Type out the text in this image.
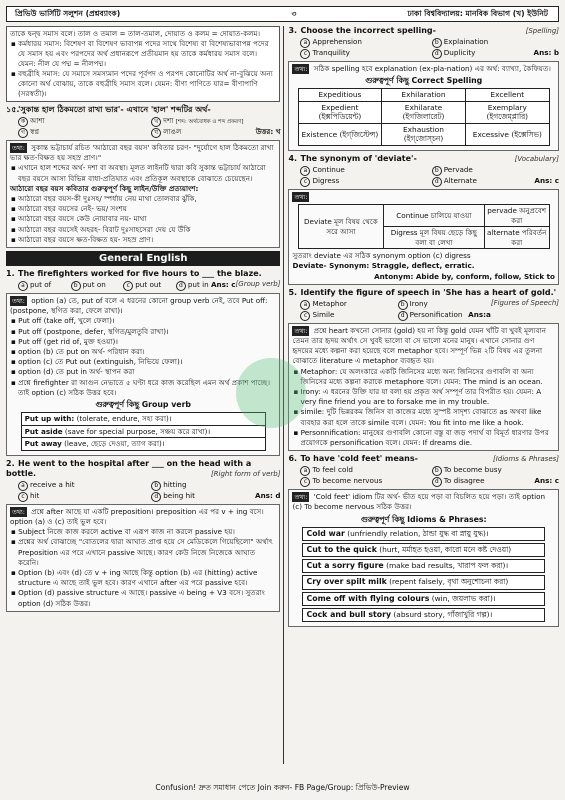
প্রিভিউ ভার্সিটি সলুশন (প্রশ্নব্যাংক)	৩	ঢাকা বিশ্ববিদ্যালয়: মানবিক বিভাগ (খ) ইউনিট
তাকে দ্বন্দ্ব সমাস বলে। তাল ও তমাল = তাল-তমাল, দোয়াত ও কলম = দোয়াত-কলম।
▪ কর্মধারয় সমাস: বিশেষণ বা বিশেষণ ভাবাপন্ন পদের সাথে বিশেষ্য বা বিশেষ্যভাবাপন্ন পদের যে সমাস হয় এবং পরপদের অর্থ প্রধানরূপে প্রতীয়মান হয় তাকে কর্মধারয় সমাস বলে। যেমন: নীল যে পদ্ম = নীলপদ্ম।
▪ বহুব্রীহি সমাস: যে সমাসে সমস্যমান পদের পূর্বপদ ও পরপদ কোনোটির অর্থ না-বুঝিয়ে অন্য কোনো অর্থ বোঝায়, তাকে বহুব্রীহি সমাস বলে। যেমন: বীণা পাণিতে যার= বীণাপাণি (সরস্বতী)।
১৫.'সুকান্ত হাল ঠিকমতো রাখা ভার'- এখানে 'হাল' শব্দটির অর্থ-
ক আশা	খ দশা [শব্দ: অর্থবোধক ও শব্দ প্রকরণ]
গ স্বপ্ন	ঘ লাঙল	উত্তর: খ
তথ্য: সুকান্ত ভট্টাচার্য রচিত 'আঠারো বছর বয়স' কবিতার চরণ- "দুর্যোগে হাল ঠিকমতো রাখা ভার ক্ষত-বিক্ষত হয় সহস্র প্রাণ।"
▪ এখানে হাল শব্দের অর্থ- দশা বা অবস্থা। মূলত লাইনটি দ্বারা কবি সুকান্ত ভট্টাচার্য আঠারো বছর বয়সে আসা বিভিন্ন বাধা-প্রতিঘাত এবং প্রতিকূল অবস্থাকে বোঝাতে চেয়েছেন।
আঠারো বছর বয়স কবিতার গুরুত্বপূর্ণ কিছু লাইন/উক্তি প্রত্যয়াংশ:
▪ আঠারো বছর বয়স-কী দুঃসহ/ স্পর্ধায় নেয় মাথা তোলবার ঝুঁকি,
▪ আঠারো বছর বয়সের নেই- ভয়/ সংশয়
▪ আঠারো বছর বয়সে কেউ নোয়াবার নয়- মাথা
▪ আঠারো বছর বয়সেই অহরহ- বিরাট দুঃসাহসেরা দেয় যে উঁকি
▪ আঠারো বছর বয়সে ক্ষত-বিক্ষত হয়- সহস্র প্রাণ।
General English
1. The firefighters worked for five hours to ___ the blaze.
[Group verb]
a put of	b put on	c put out	d put in Ans: c
তথ্য: option (a) তে, put of বলে এ ধরনের কোনো group verb নেই, তবে Put off: (postpone, স্থগিত করা, ফেলে রাখা)।
▪ Put off (take off, খুলে ফেলা)।
▪ Put off (postpone, defer, স্থগিত/মুলতুবি রাখা)।
▪ Put off (get rid of, মুক্ত হওয়া)।
▪ option (b) তে put on অর্থ- পরিধান করা।
▪ option (c) তে Put out (extinguish, নিভিয়ে ফেলা)।
▪ option (d) তে put in অর্থ- স্থাপন করা
▪ প্রশ্নে firefighter রা আগুন নেভাতে ৫ ঘণ্টা ধরে কাজ করেছিল এমন অর্থ প্রকাশ পাচ্ছে। তাই option (c) সঠিক উত্তর হবে।
গুরুত্বপূর্ণ কিছু Group verb
Put up with: (tolerate, endure, সহ্য করা)।
Put aside (save for special purpose, সঞ্চয় করে রাখা)।
Put away (leave, ছেড়ে দেওয়া, ত্যাগ করা)।
2. He went to the hospital after ___ on the head with a bottle.	[Right form of verb]
a receive a hit	b hitting
c hit	d being hit	Ans: d
তথ্য: প্রশ্নে after আছে যা একটি preposition। preposition এর পর v + ing বসে। option (a) ও (c) তাই ভুল হবে।
▪ Subject নিজে কাজ করলে active বা এরূপ কাজ না করলে passive হয়।
▪ প্রশ্নের অর্থ বোঝাচ্ছে "বোতলের দ্বারা আঘাত প্রাপ্ত হয়ে সে মেডিকেলে গিয়েছিলো" অর্থাৎ Preposition এর পরে এখানে passive আছে। কারণ কেউ নিজে নিজেকে আঘাত করেনি।
▪ Option (b) এবং (d) তে v + ing আছে কিন্তু option (b) এর (hitting) active structure এ আছে তাই ভুল হবে। কারণ এখানে after এর পরে passive হবে।
▪ Option (d) passive structure এ আছে। passive এ being + V3 বসে। সুতরাং option (d) সঠিক উত্তর।
3. Choose the incorrect spelling-	[Spelling]
a Apprehension	b Explaination
c Tranquility	d Duplicity	Ans: b
তথ্য: সঠিক spelling হবে explanation (ex-pla-nation) এর অর্থ: ব্যাখ্যা, কৈফিয়ত।
গুরুত্বপূর্ণ কিছু Correct Spelling
Expeditious	Exhilaration	Excellent
Expedient (ইক্সপিডিয়েন্ট)	Exhilarate (ইগজিলারেট)	Exemplary (ইগজেম্‌প্লারি)
Existence (ইগ্‌জিস্টেন্স)	Exhaustion (ইগ্‌জোস্‌চন)	Excessive (ইক্সেসিভ)
4. The synonym of 'deviate'-	[Vocabulary]
a Continue	b Pervade
c Digress	d Alternate	Ans: c
তথ্য:
Deviate মূল বিষয় থেকে সরে আসা	Continue চালিয়ে যাওয়া	pervade অনুপ্রবেশ করা
	Digress মূল বিষয় ছেড়ে কিছু বলা বা লেখা	alternate পরিবর্তন করা
সুতরাং deviate এর সঠিক synonym option (c) digress
Deviate- Synonym: Straggle, deflect, erratic.
Antonym: Abide by, conform, follow, Stick to
5. Identify the figure of speech in 'She has a heart of gold.'
[Figures of Speech]
a Metaphor	b Irony
c Simile	d Personification Ans:a
তথ্য: প্রশ্নে heart কখনো সোনার (gold) হয় না কিন্তু gold যেমন খাঁটি বা খুবই মূল্যবান তেমন তার হৃদয় অর্থাৎ সে খুবই ভালো বা সে ভালো মনের মানুষ। এখানে সোনার গুণ হৃদয়ের মধ্যে কল্পনা করা হয়েছে বলে metaphor হবে। সম্পূর্ণ ভিন্ন ২টি বিষয় এর তুলনা বোঝাতে literature এ metaphor ব্যবহৃত হয়।
▪ Metaphor: যে অলংকারে একটি জিনিসের মধ্যে অন্য জিনিসের গুণাবলি বা অন্য জিনিসের মধ্যে কল্পনা করাকে metaphore বলে। যেমন: The mind is an ocean.
▪ Irony: এ ধরনের উক্তি যার যা বলা হয় প্রকৃত অর্থ সম্পূর্ণ তার বিপরীত হয়। যেমন: A very fine friend you are to forsake me in my trouble.
▪ simile: দুটি ভিন্নরকম জিনিস বা কাজের মধ্যে সুস্পষ্ট সাদৃশ্য বোঝাতে as অথবা like ব্যবহার করা হলে তাকে simile বলে। যেমন: You fit into me like a hook.
▪ Personnification: মানুষের গুণাবলি কোনো বস্তু বা জড় পদার্থ বা বিমূর্ত ধারণার উপর প্রয়োগকে personification বলে। যেমন: If dreams die.
6. To have 'cold feet' means-	[Idioms & Phrases]
a To feel cold	b To become busy
c To become nervous	d To disagree	Ans: c
তথ্য: 'Cold feet' idiom টির অর্থ- ভীত হয়ে পড়া বা বিচলিত হয়ে পড়া। তাই option (c) To become nervous সঠিক উত্তর।
গুরুত্বপূর্ণ কিছু Idioms & Phrases:
Cold war (unfriendly relation, ঠান্ডা যুদ্ধ বা স্নায়ু যুদ্ধ)।
Cut to the quick (hurt, মর্মাহত হওয়া, কারো মনে কষ্ট দেওয়া)
Cut a sorry figure (make bad results, খারাপ ফল করা)।
Cry over spilt milk (repent falsely, বৃথা অনুশোচনা করা)
Come off with flying colours (win, জয়লাভ করা)।
Cock and bull story (absurd story, গাঁজাখুরি গল্প)।
Confusion! দ্রুত সমাধান পেতে Join করুন- FB Page/Group: প্রিভিউ-Preview
